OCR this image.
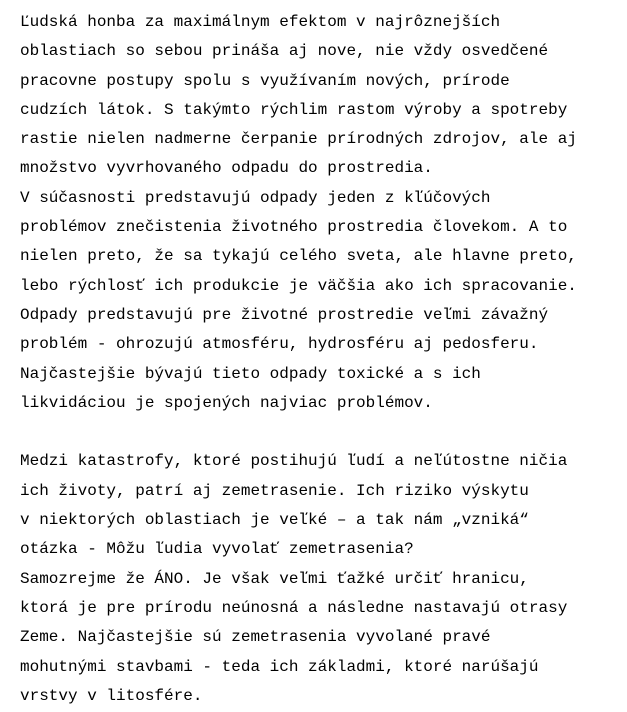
Ľudská honba za maximálnym efektom v najrôznejších
oblastiach so sebou prináša aj nove, nie vždy osvedčené
pracovne postupy spolu s využívaním nových, prírode
cudzích látok. S takýmto rýchlim rastom výroby a spotreby
rastie nielen nadmerne čerpanie prírodných zdrojov, ale aj
množstvo vyvrhovaného odpadu do prostredia.
V súčasnosti predstavujú odpady jeden z kľúčových
problémov znečistenia životného prostredia človekom. A to
nielen preto, že sa tykajú celého sveta, ale hlavne preto,
lebo rýchlosť ich produkcie je väčšia ako ich spracovanie.
Odpady predstavujú pre životné prostredie veľmi závažný
problém - ohrozujú atmosféru, hydrosféru aj pedosferu.
Najčastejšie bývajú tieto odpady toxické a s ich
likvidáciou je spojených najviac problémov.
Medzi katastrofy, ktoré postihujú ľudí a neľútostne ničia
ich životy, patrí aj zemetrasenie. Ich riziko výskytu
v niektorých oblastiach je veľké – a tak nám „vzniká“
otázka - Môžu ľudia vyvolať zemetrasenia?
Samozrejme že ÁNO. Je však veľmi ťažké určiť hranicu,
ktorá je pre prírodu neúnosná a následne nastavajú otrasy
Zeme. Najčastejšie sú zemetrasenia vyvolané pravé
mohutnými stavbami - teda ich základmi, ktoré narúšajú
vrstvy v litosfére.
